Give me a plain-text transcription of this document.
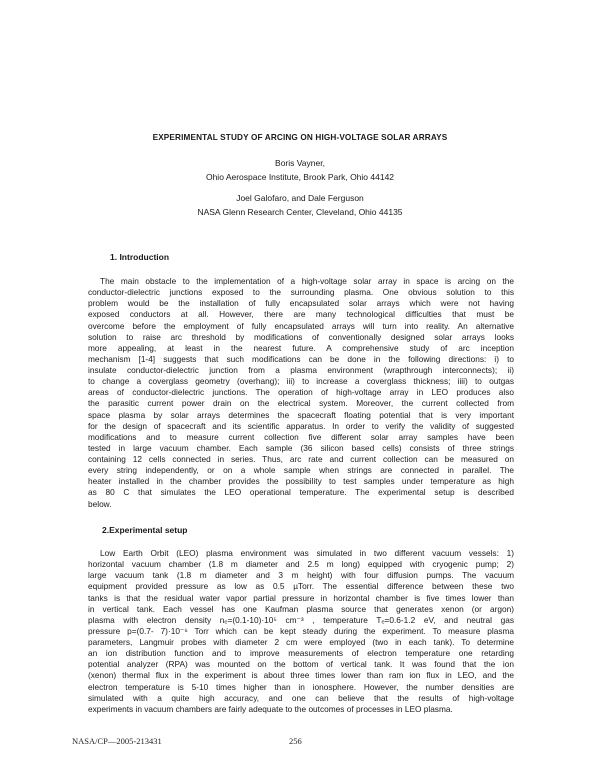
EXPERIMENTAL STUDY OF ARCING ON HIGH-VOLTAGE SOLAR ARRAYS
Boris Vayner,
Ohio Aerospace Institute, Brook Park, Ohio 44142
Joel Galofaro, and Dale Ferguson
NASA Glenn Research Center, Cleveland, Ohio 44135
1. Introduction
The main obstacle to the implementation of a high-voltage solar array in space is arcing on the
conductor-dielectric junctions exposed to the surrounding plasma. One obvious solution to this
problem would be the installation of fully encapsulated solar arrays which were not having
exposed conductors at all. However, there are many technological difficulties that must be
overcome before the employment of fully encapsulated arrays will turn into reality. An alternative
solution to raise arc threshold by modifications of conventionally designed solar arrays looks
more appealing, at least in the nearest future. A comprehensive study of arc inception
mechanism [1-4] suggests that such modifications can be done in the following directions: i) to
insulate conductor-dielectric junction from a plasma environment (wrapthrough interconnects); ii)
to change a coverglass geometry (overhang); iii) to increase a coverglass thickness; iiii) to outgas
areas of conductor-dielectric junctions. The operation of high-voltage array in LEO produces also
the parasitic current power drain on the electrical system. Moreover, the current collected from
space plasma by solar arrays determines the spacecraft floating potential that is very important
for the design of spacecraft and its scientific apparatus. In order to verify the validity of suggested
modifications and to measure current collection five different solar array samples have been
tested in large vacuum chamber. Each sample (36 silicon based cells) consists of three strings
containing 12 cells connected in series. Thus, arc rate and current collection can be measured on
every string independently, or on a whole sample when strings are connected in parallel. The
heater installed in the chamber provides the possibility to test samples under temperature as high
as 80 C that simulates the LEO operational temperature. The experimental setup is described
below.
2.Experimental setup
Low Earth Orbit (LEO) plasma environment was simulated in two different vacuum vessels: 1)
horizontal vacuum chamber (1.8 m diameter and 2.5 m long) equipped with cryogenic pump; 2)
large vacuum tank (1.8 m diameter and 3 m height) with four diffusion pumps. The vacuum
equipment provided pressure as low as 0.5 µTorr. The essential difference between these two
tanks is that the residual water vapor partial pressure in horizontal chamber is five times lower than
in vertical tank. Each vessel has one Kaufman plasma source that generates xenon (or argon)
plasma with electron density nₑ=(0.1-10)·10⁵ cm⁻³ , temperature Tₑ=0.6-1.2 eV, and neutral gas
pressure p=(0.7- 7)·10⁻⁶ Torr which can be kept steady during the experiment. To measure plasma
parameters, Langmuir probes with diameter 2 cm were employed (two in each tank). To determine
an ion distribution function and to improve measurements of electron temperature one retarding
potential analyzer (RPA) was mounted on the bottom of vertical tank. It was found that the ion
(xenon) thermal flux in the experiment is about three times lower than ram ion flux in LEO, and the
electron temperature is 5-10 times higher than in ionosphere. However, the number densities are
simulated with a quite high accuracy, and one can believe that the results of high-voltage
experiments in vacuum chambers are fairly adequate to the outcomes of processes in LEO plasma.
NASA/CP—2005-213431	256
